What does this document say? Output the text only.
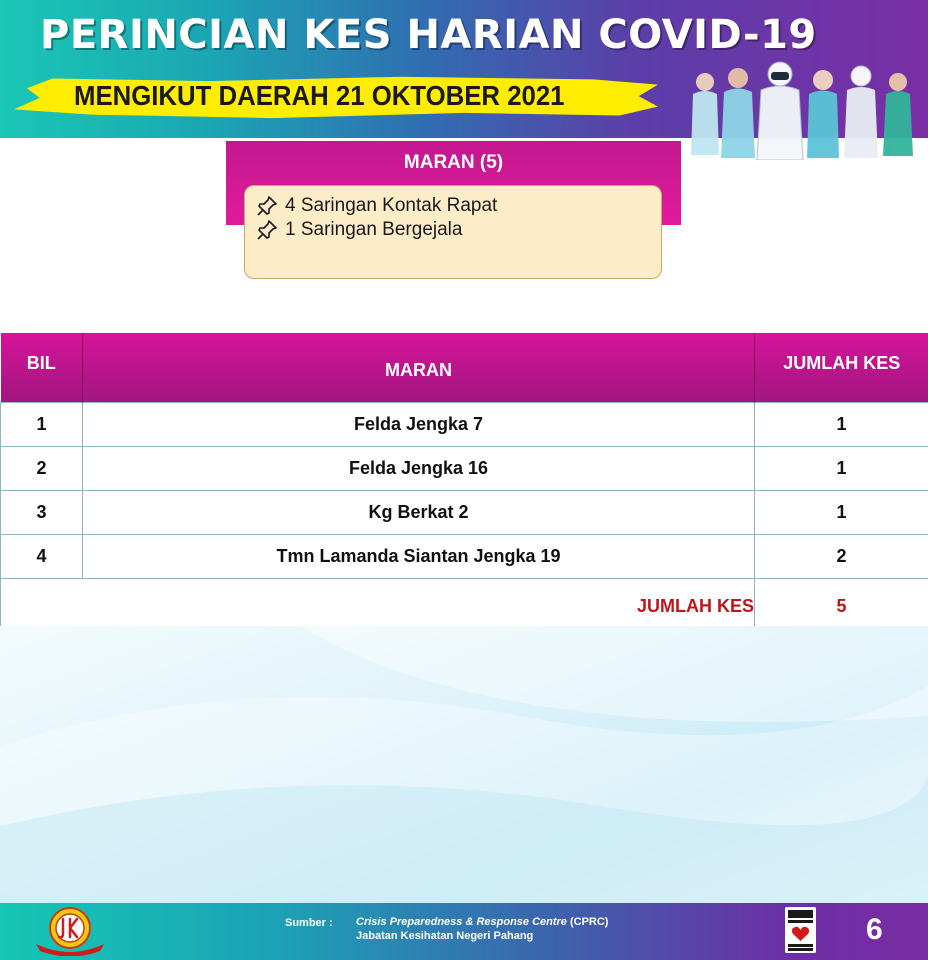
PERINCIAN KES HARIAN COVID-19
MENGIKUT DAERAH 21 OKTOBER 2021
MARAN (5)
4 Saringan Kontak Rapat
1 Saringan Bergejala
BIL	MARAN	JUMLAH KES
1	Felda Jengka 7	1
2	Felda Jengka 16	1
3	Kg Berkat 2	1
4	Tmn Lamanda Siantan Jengka 19	2
JUMLAH KES		5
Sumber : Crisis Preparedness & Response Centre (CPRC)
Jabatan Kesihatan Negeri Pahang	6
